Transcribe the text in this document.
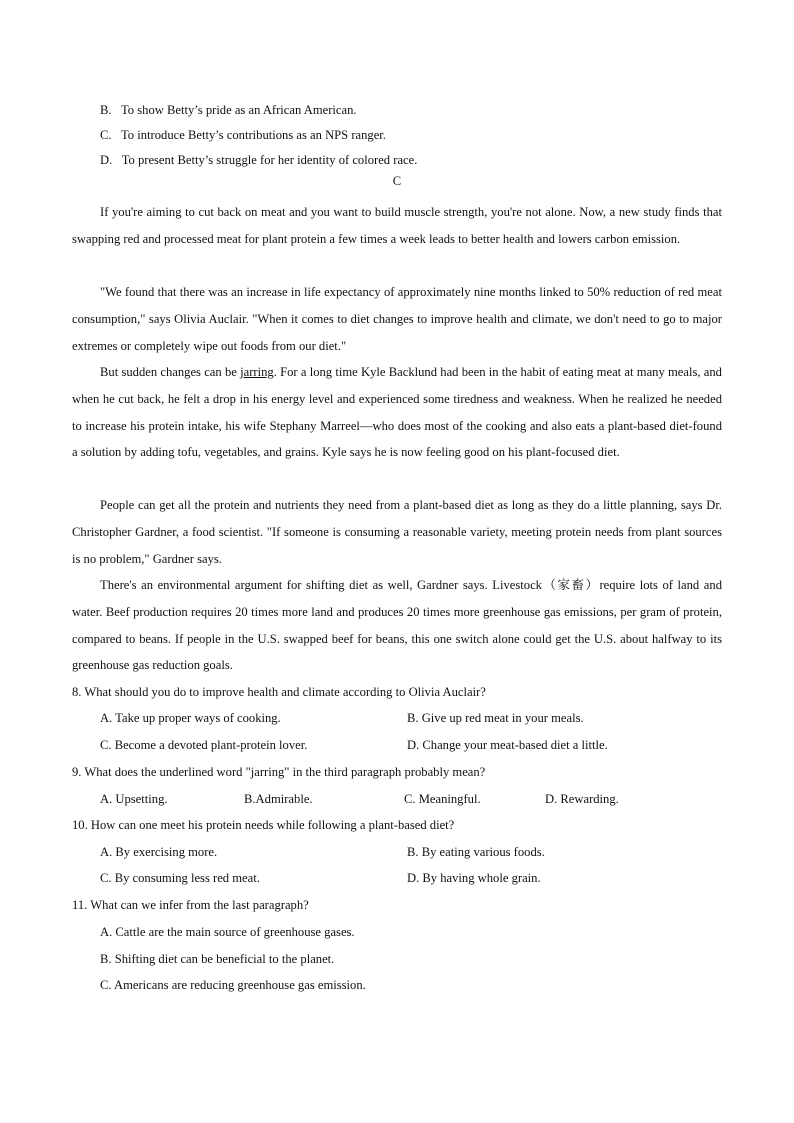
B.   To show Betty’s pride as an African American.
C.   To introduce Betty’s contributions as an NPS ranger.
D.   To present Betty’s struggle for her identity of colored race.
C
If you're aiming to cut back on meat and you want to build muscle strength, you're not alone. Now, a new study finds that swapping red and processed meat for plant protein a few times a week leads to better health and lowers carbon emission.
"We found that there was an increase in life expectancy of approximately nine months linked to 50% reduction of red meat consumption," says Olivia Auclair. "When it comes to diet changes to improve health and climate, we don't need to go to major extremes or completely wipe out foods from our diet."
But sudden changes can be jarring. For a long time Kyle Backlund had been in the habit of eating meat at many meals, and when he cut back, he felt a drop in his energy level and experienced some tiredness and weakness. When he realized he needed to increase his protein intake, his wife Stephany Marreel—who does most of the cooking and also eats a plant-based diet-found a solution by adding tofu, vegetables, and grains. Kyle says he is now feeling good on his plant-focused diet.
People can get all the protein and nutrients they need from a plant-based diet as long as they do a little planning, says Dr. Christopher Gardner, a food scientist. "If someone is consuming a reasonable variety, meeting protein needs from plant sources is no problem," Gardner says.
There's an environmental argument for shifting diet as well, Gardner says. Livestock（家畜）require lots of land and water. Beef production requires 20 times more land and produces 20 times more greenhouse gas emissions, per gram of protein, compared to beans. If people in the U.S. swapped beef for beans, this one switch alone could get the U.S. about halfway to its greenhouse gas reduction goals.
8. What should you do to improve health and climate according to Olivia Auclair?
A. Take up proper ways of cooking.	B. Give up red meat in your meals.
C. Become a devoted plant-protein lover.	D. Change your meat-based diet a little.
9. What does the underlined word "jarring" in the third paragraph probably mean?
A. Upsetting.	B.Admirable.	C. Meaningful.	D. Rewarding.
10. How can one meet his protein needs while following a plant-based diet?
A. By exercising more.	B. By eating various foods.
C. By consuming less red meat.	D. By having whole grain.
11. What can we infer from the last paragraph?
A. Cattle are the main source of greenhouse gases.
B. Shifting diet can be beneficial to the planet.
C. Americans are reducing greenhouse gas emission.
